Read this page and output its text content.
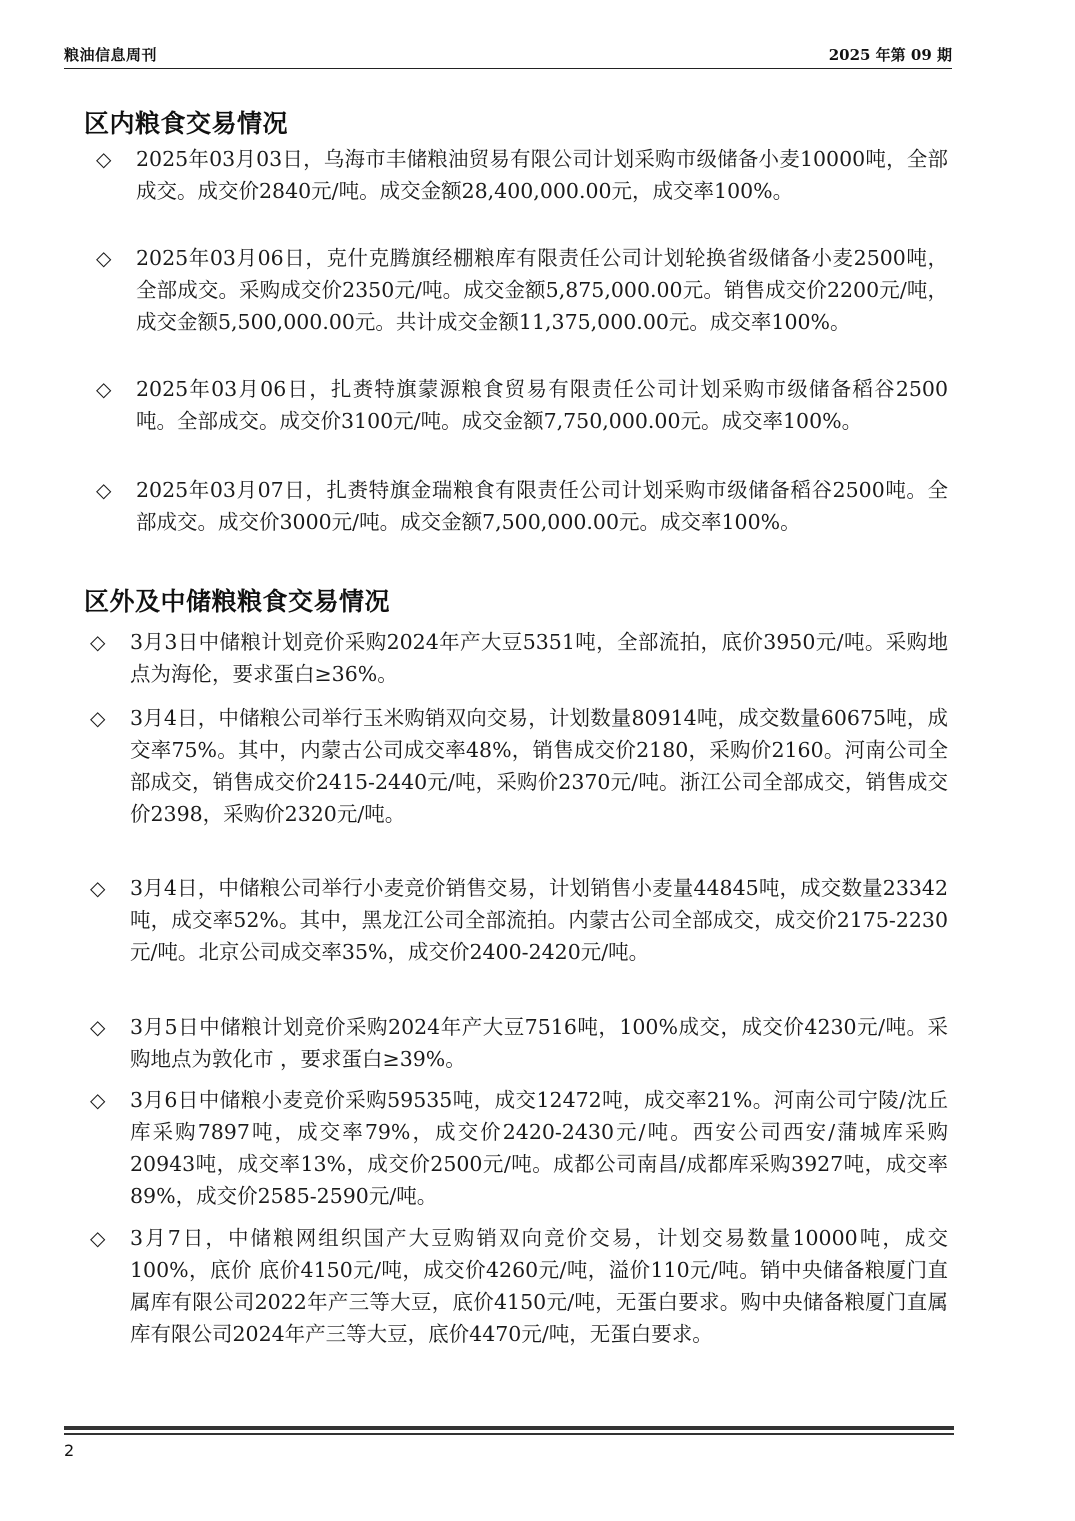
粮油信息周刊	2025 年第 09 期
区内粮食交易情况
◇	2025年03月03日，乌海市丰储粮油贸易有限公司计划采购市级储备小麦10000吨，全部成交。成交价2840元/吨。成交金额28,400,000.00元，成交率100%。
◇	2025年03月06日，克什克腾旗经棚粮库有限责任公司计划轮换省级储备小麦2500吨，全部成交。采购成交价2350元/吨。成交金额5,875,000.00元。销售成交价2200元/吨，成交金额5,500,000.00元。共计成交金额11,375,000.00元。成交率100%。
◇	2025年03月06日，扎赉特旗蒙源粮食贸易有限责任公司计划采购市级储备稻谷2500吨。全部成交。成交价3100元/吨。成交金额7,750,000.00元。成交率100%。
◇	2025年03月07日，扎赉特旗金瑞粮食有限责任公司计划采购市级储备稻谷2500吨。全部成交。成交价3000元/吨。成交金额7,500,000.00元。成交率100%。
区外及中储粮粮食交易情况
◇	3月3日中储粮计划竞价采购2024年产大豆5351吨，全部流拍，底价3950元/吨。采购地点为海伦，要求蛋白≥36%。
◇	3月4日，中储粮公司举行玉米购销双向交易，计划数量80914吨，成交数量60675吨，成交率75%。其中，内蒙古公司成交率48%，销售成交价2180，采购价2160。河南公司全部成交，销售成交价2415-2440元/吨，采购价2370元/吨。浙江公司全部成交，销售成交价2398，采购价2320元/吨。
◇	3月4日，中储粮公司举行小麦竞价销售交易，计划销售小麦量44845吨，成交数量23342吨，成交率52%。其中，黑龙江公司全部流拍。内蒙古公司全部成交，成交价2175-2230元/吨。北京公司成交率35%，成交价2400-2420元/吨。
◇	3月5日中储粮计划竞价采购2024年产大豆7516吨，100%成交，成交价4230元/吨。采购地点为敦化市 ，要求蛋白≥39%。
◇	3月6日中储粮小麦竞价采购59535吨，成交12472吨，成交率21%。河南公司宁陵/沈丘库采购7897吨，成交率79%，成交价2420-2430元/吨。西安公司西安/蒲城库采购20943吨，成交率13%，成交价2500元/吨。成都公司南昌/成都库采购3927吨，成交率89%，成交价2585-2590元/吨。
◇	3月7日，中储粮网组织国产大豆购销双向竞价交易，计划交易数量10000吨，成交100%，底价 底价4150元/吨，成交价4260元/吨，溢价110元/吨。销中央储备粮厦门直属库有限公司2022年产三等大豆，底价4150元/吨，无蛋白要求。购中央储备粮厦门直属库有限公司2024年产三等大豆，底价4470元/吨，无蛋白要求。
2
